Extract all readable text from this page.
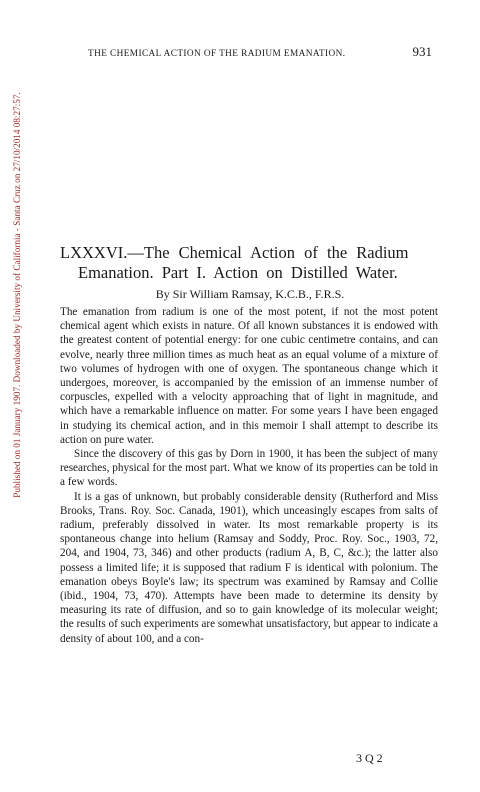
Published on 01 January 1907. Downloaded by University of California - Santa Cruz on 27/10/2014 08:27:57.
THE CHEMICAL ACTION OF THE RADIUM EMANATION.	931
LXXXVI.—The Chemical Action of the Radium
Emanation. Part I. Action on Distilled Water.
By Sir William Ramsay, K.C.B., F.R.S.

The emanation from radium is one of the most potent, if not the most potent chemical agent which exists in nature. Of all known substances it is endowed with the greatest content of potential energy: for one cubic centimetre contains, and can evolve, nearly three million times as much heat as an equal volume of a mixture of two volumes of hydrogen with one of oxygen. The spontaneous change which it undergoes, moreover, is accompanied by the emission of an immense number of corpuscles, expelled with a velocity approaching that of light in magnitude, and which have a remarkable influence on matter. For some years I have been engaged in studying its chemical action, and in this memoir I shall attempt to describe its action on pure water.

Since the discovery of this gas by Dorn in 1900, it has been the subject of many researches, physical for the most part. What we know of its properties can be told in a few words.

It is a gas of unknown, but probably considerable density (Rutherford and Miss Brooks, Trans. Roy. Soc. Canada, 1901), which unceasingly escapes from salts of radium, preferably dissolved in water. Its most remarkable property is its spontaneous change into helium (Ramsay and Soddy, Proc. Roy. Soc., 1903, 72, 204, and 1904, 73, 346) and other products (radium A, B, C, &c.); the latter also possess a limited life; it is supposed that radium F is identical with polonium. The emanation obeys Boyle's law; its spectrum was examined by Ramsay and Collie (ibid., 1904, 73, 470). Attempts have been made to determine its density by measuring its rate of diffusion, and so to gain knowledge of its molecular weight; the results of such experiments are somewhat unsatisfactory, but appear to indicate a density of about 100, and a con-

3 Q 2
